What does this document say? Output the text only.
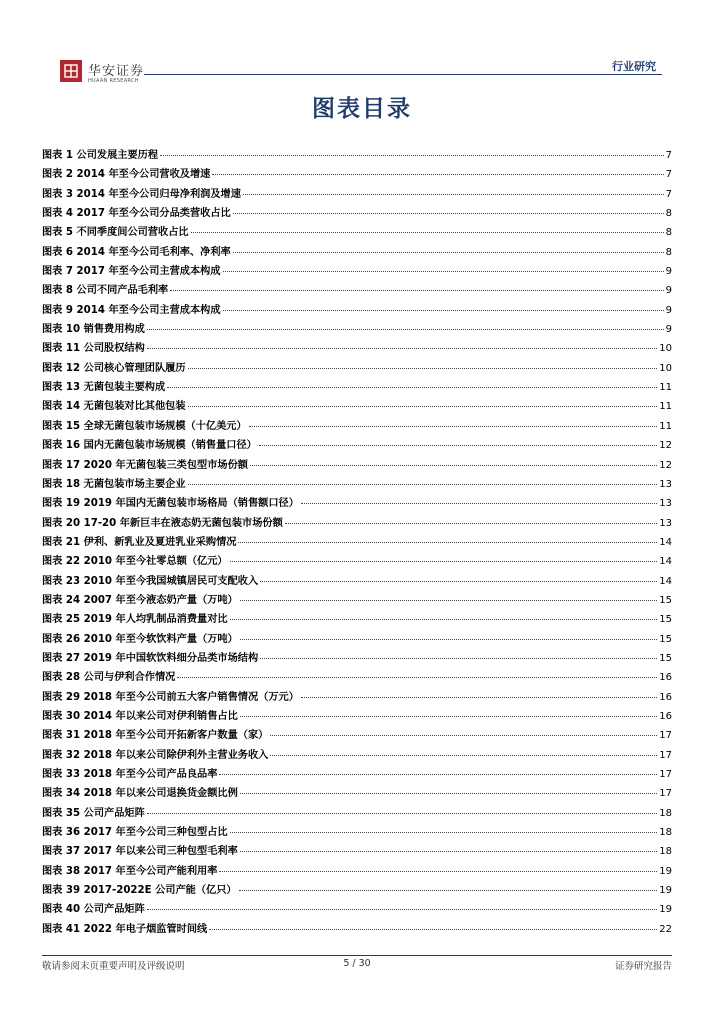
华安证券
HUAAN RESEARCH
行业研究
图表目录
图表 1 公司发展主要历程	7
图表 2 2014 年至今公司营收及增速	7
图表 3 2014 年至今公司归母净利润及增速	7
图表 4 2017 年至今公司分品类营收占比	8
图表 5 不同季度间公司营收占比	8
图表 6 2014 年至今公司毛利率、净利率	8
图表 7 2017 年至今公司主营成本构成	9
图表 8 公司不同产品毛利率	9
图表 9 2014 年至今公司主营成本构成	9
图表 10 销售费用构成	9
图表 11 公司股权结构	10
图表 12 公司核心管理团队履历	10
图表 13 无菌包装主要构成	11
图表 14 无菌包装对比其他包装	11
图表 15 全球无菌包装市场规模（十亿美元）	11
图表 16 国内无菌包装市场规模（销售量口径）	12
图表 17 2020 年无菌包装三类包型市场份额	12
图表 18 无菌包装市场主要企业	13
图表 19 2019 年国内无菌包装市场格局（销售额口径）	13
图表 20 17-20 年新巨丰在液态奶无菌包装市场份额	13
图表 21 伊利、新乳业及夏进乳业采购情况	14
图表 22 2010 年至今社零总额（亿元）	14
图表 23 2010 年至今我国城镇居民可支配收入	14
图表 24 2007 年至今液态奶产量（万吨）	15
图表 25 2019 年人均乳制品消费量对比	15
图表 26 2010 年至今软饮料产量（万吨）	15
图表 27 2019 年中国软饮料细分品类市场结构	15
图表 28 公司与伊利合作情况	16
图表 29 2018 年至今公司前五大客户销售情况（万元）	16
图表 30 2014 年以来公司对伊利销售占比	16
图表 31 2018 年至今公司开拓新客户数量（家）	17
图表 32 2018 年以来公司除伊利外主营业务收入	17
图表 33 2018 年至今公司产品良品率	17
图表 34 2018 年以来公司退换货金额比例	17
图表 35 公司产品矩阵	18
图表 36 2017 年至今公司三种包型占比	18
图表 37 2017 年以来公司三种包型毛利率	18
图表 38 2017 年至今公司产能利用率	19
图表 39 2017-2022E 公司产能（亿只）	19
图表 40 公司产品矩阵	19
图表 41 2022 年电子烟监管时间线	22
敬请参阅末页重要声明及评级说明	5 / 30	证券研究报告
